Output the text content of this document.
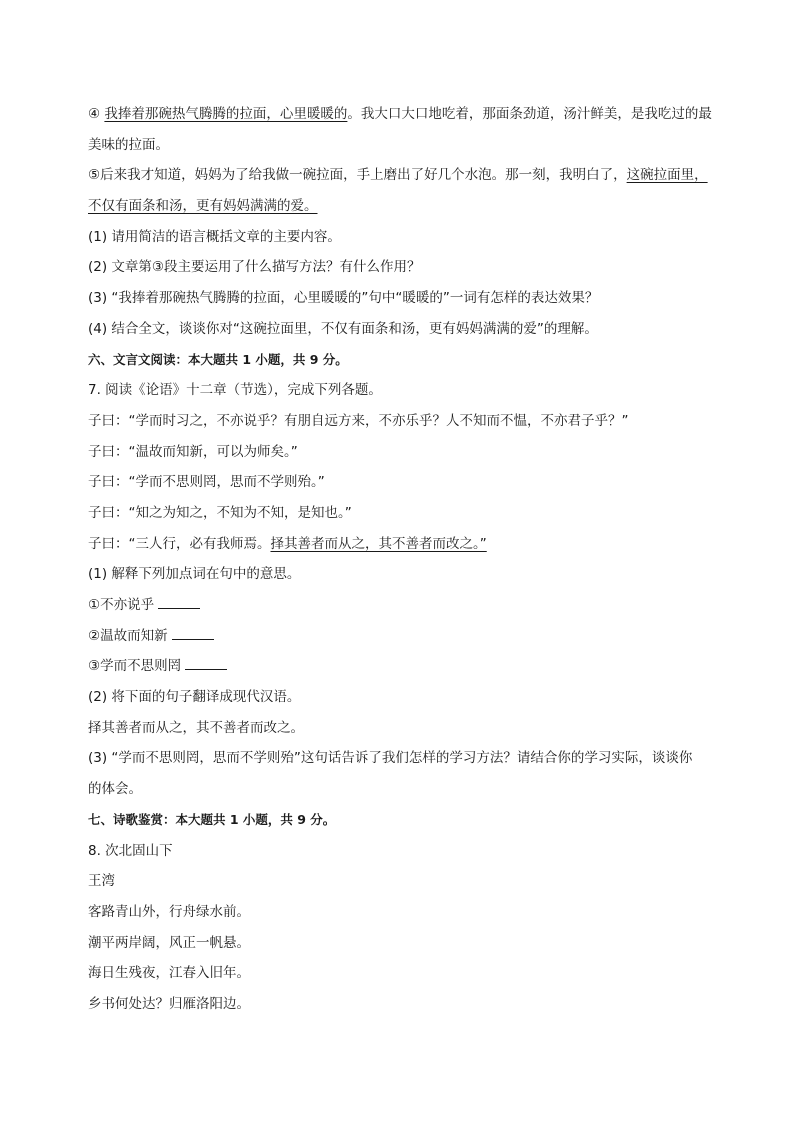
④ 我捧着那碗热气腾腾的拉面，心里暖暖的。我大口大口地吃着，那面条劲道，汤汁鲜美，是我吃过的最
美味的拉面。
⑤后来我才知道，妈妈为了给我做一碗拉面，手上磨出了好几个水泡。那一刻，我明白了，这碗拉面里，
不仅有面条和汤，更有妈妈满满的爱。
(1) 请用简洁的语言概括文章的主要内容。
(2) 文章第③段主要运用了什么描写方法？有什么作用？
(3) “我捧着那碗热气腾腾的拉面，心里暖暖的”句中“暖暖的”一词有怎样的表达效果？
(4) 结合全文，谈谈你对“这碗拉面里，不仅有面条和汤，更有妈妈满满的爱”的理解。
六、文言文阅读：本大题共 1 小题，共 9 分。
7. 阅读《论语》十二章（节选），完成下列各题。
子曰：“学而时习之，不亦说乎？有朋自远方来，不亦乐乎？人不知而不愠，不亦君子乎？”
子曰：“温故而知新，可以为师矣。”
子曰：“学而不思则罔，思而不学则殆。”
子曰：“知之为知之，不知为不知，是知也。”
子曰：“三人行，必有我师焉。择其善者而从之，其不善者而改之。”
(1) 解释下列加点词在句中的意思。
①不亦说乎
②温故而知新
③学而不思则罔
(2) 将下面的句子翻译成现代汉语。
择其善者而从之，其不善者而改之。
(3) “学而不思则罔，思而不学则殆”这句话告诉了我们怎样的学习方法？请结合你的学习实际，谈谈你
的体会。
七、诗歌鉴赏：本大题共 1 小题，共 9 分。
8. 次北固山下
王湾
客路青山外，行舟绿水前。
潮平两岸阔，风正一帆悬。
海日生残夜，江春入旧年。
乡书何处达？归雁洛阳边。
